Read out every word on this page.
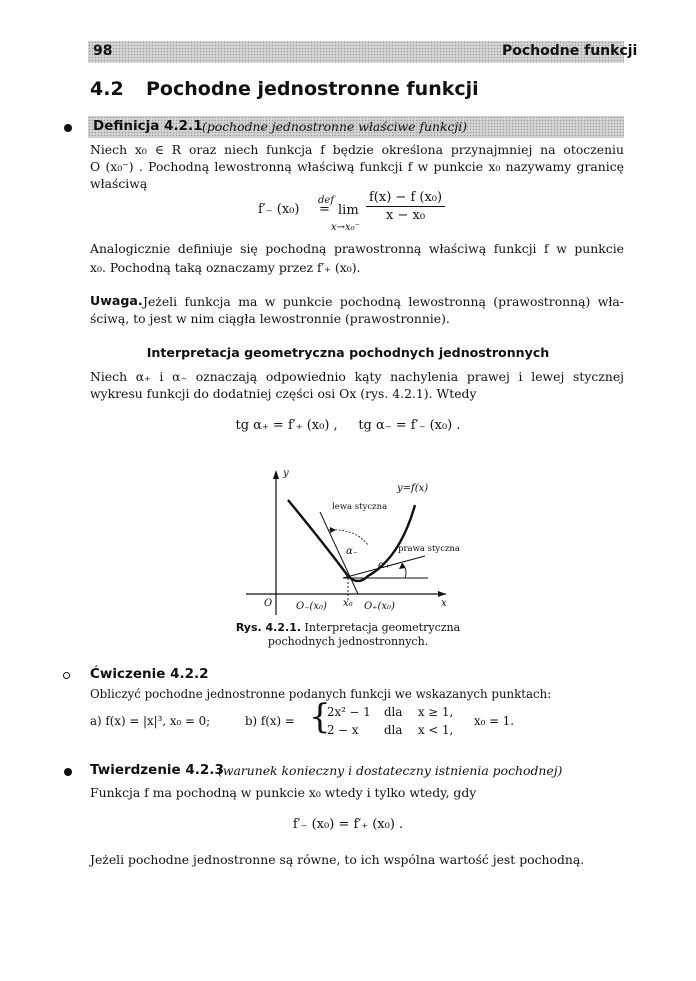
98	Pochodne funkcji
4.2 Pochodne jednostronne funkcji
Definicja 4.2.1 (pochodne jednostronne właściwe funkcji)
Niech x₀ ∈ R oraz niech funkcja f będzie określona przynajmniej na otoczeniu
O (x₀⁻) . Pochodną lewostronną właściwą funkcji f w punkcie x₀ nazywamy granicę
właściwą
f′₋ (x₀)
def
= lim
x→x₀⁻
$\frac{\text{f(x) − f (x₀)}}{\text{x − x₀}}$
Analogicznie definiuje się pochodną prawostronną właściwą funkcji f w punkcie
x₀. Pochodną taką oznaczamy przez f′₊ (x₀).
Uwaga. Jeżeli funkcja ma w punkcie pochodną lewostronną (prawostronną) wła-
ściwą, to jest w nim ciągła lewostronnie (prawostronnie).
Interpretacja geometryczna pochodnych jednostronnych
Niech α₊ i α₋ oznaczają odpowiednio kąty nachylenia prawej i lewej stycznej
wykresu funkcji do dodatniej części osi Ox (rys. 4.2.1). Wtedy
tg α₊ = f′₊ (x₀) ,     tg α₋ = f′₋ (x₀) .
y
y=f(x)
lewa styczna
prawa styczna
α₋
α₊
O O₋(x₀) x₀ O₊(x₀)	x
Rys. 4.2.1. Interpretacja geometryczna
pochodnych jednostronnych.
Ćwiczenie 4.2.2
Obliczyć pochodne jednostronne podanych funkcji we wskazanych punktach:
a) f(x) = |x|³, x₀ = 0;	b) f(x) = {
2x² − 1 dla x ≥ 1,
2 − x dla x < 1,
x₀ = 1.
Twierdzenie 4.2.3
(warunek konieczny i dostateczny istnienia pochodnej)
Funkcja f ma pochodną w punkcie x₀ wtedy i tylko wtedy, gdy
f′₋ (x₀) = f′₊ (x₀) .
Jeżeli pochodne jednostronne są równe, to ich wspólna wartość jest pochodną.
